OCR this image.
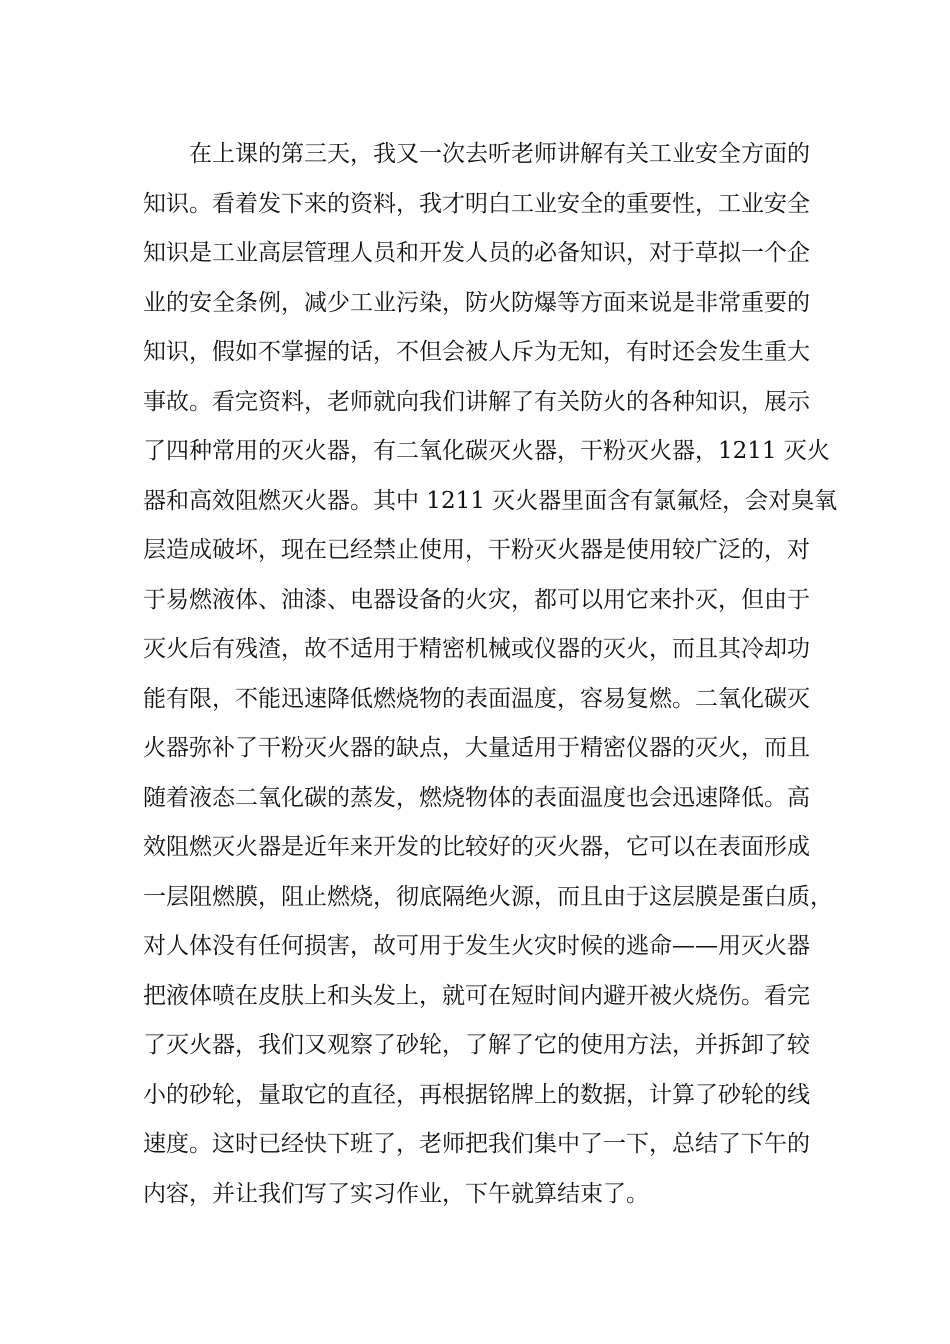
在上课的第三天，我又一次去听老师讲解有关工业安全方面的
知识。看着发下来的资料，我才明白工业安全的重要性，工业安全
知识是工业高层管理人员和开发人员的必备知识，对于草拟一个企
业的安全条例，减少工业污染，防火防爆等方面来说是非常重要的
知识，假如不掌握的话，不但会被人斥为无知，有时还会发生重大
事故。看完资料，老师就向我们讲解了有关防火的各种知识，展示
了四种常用的灭火器，有二氧化碳灭火器，干粉灭火器，1211 灭火
器和高效阻燃灭火器。其中 1211 灭火器里面含有氯氟烃，会对臭氧
层造成破坏，现在已经禁止使用，干粉灭火器是使用较广泛的，对
于易燃液体、油漆、电器设备的火灾，都可以用它来扑灭，但由于
灭火后有残渣，故不适用于精密机械或仪器的灭火，而且其冷却功
能有限，不能迅速降低燃烧物的表面温度，容易复燃。二氧化碳灭
火器弥补了干粉灭火器的缺点，大量适用于精密仪器的灭火，而且
随着液态二氧化碳的蒸发，燃烧物体的表面温度也会迅速降低。高
效阻燃灭火器是近年来开发的比较好的灭火器，它可以在表面形成
一层阻燃膜，阻止燃烧，彻底隔绝火源，而且由于这层膜是蛋白质，
对人体没有任何损害，故可用于发生火灾时候的逃命——用灭火器
把液体喷在皮肤上和头发上，就可在短时间内避开被火烧伤。看完
了灭火器，我们又观察了砂轮，了解了它的使用方法，并拆卸了较
小的砂轮，量取它的直径，再根据铭牌上的数据，计算了砂轮的线
速度。这时已经快下班了，老师把我们集中了一下，总结了下午的
内容，并让我们写了实习作业，下午就算结束了。
